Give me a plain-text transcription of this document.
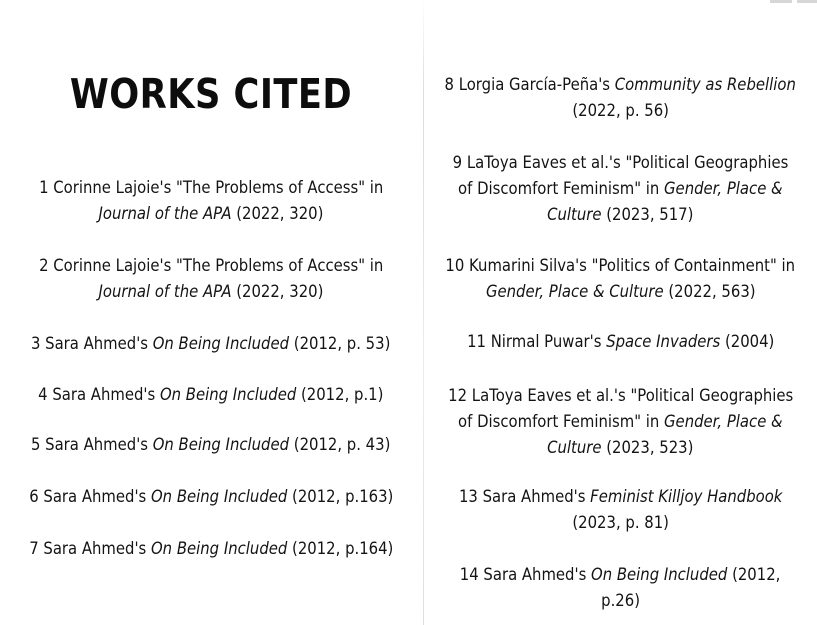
WORKS CITED
1 Corinne Lajoie's "The Problems of Access" in
Journal of the APA (2022, 320)
2 Corinne Lajoie's "The Problems of Access" in
Journal of the APA (2022, 320)
3 Sara Ahmed's On Being Included (2012, p. 53)
4 Sara Ahmed's On Being Included (2012, p.1)
5 Sara Ahmed's On Being Included (2012, p. 43)
6 Sara Ahmed's On Being Included (2012, p.163)
7 Sara Ahmed's On Being Included (2012, p.164)
8 Lorgia García-Peña's Community as Rebellion
(2022, p. 56)
9 LaToya Eaves et al.'s "Political Geographies
of Discomfort Feminism" in Gender, Place &
Culture (2023, 517)
10 Kumarini Silva's "Politics of Containment" in
Gender, Place & Culture (2022, 563)
11 Nirmal Puwar's Space Invaders (2004)
12 LaToya Eaves et al.'s "Political Geographies
of Discomfort Feminism" in Gender, Place &
Culture (2023, 523)
13 Sara Ahmed's Feminist Killjoy Handbook
(2023, p. 81)
14 Sara Ahmed's On Being Included (2012,
p.26)
